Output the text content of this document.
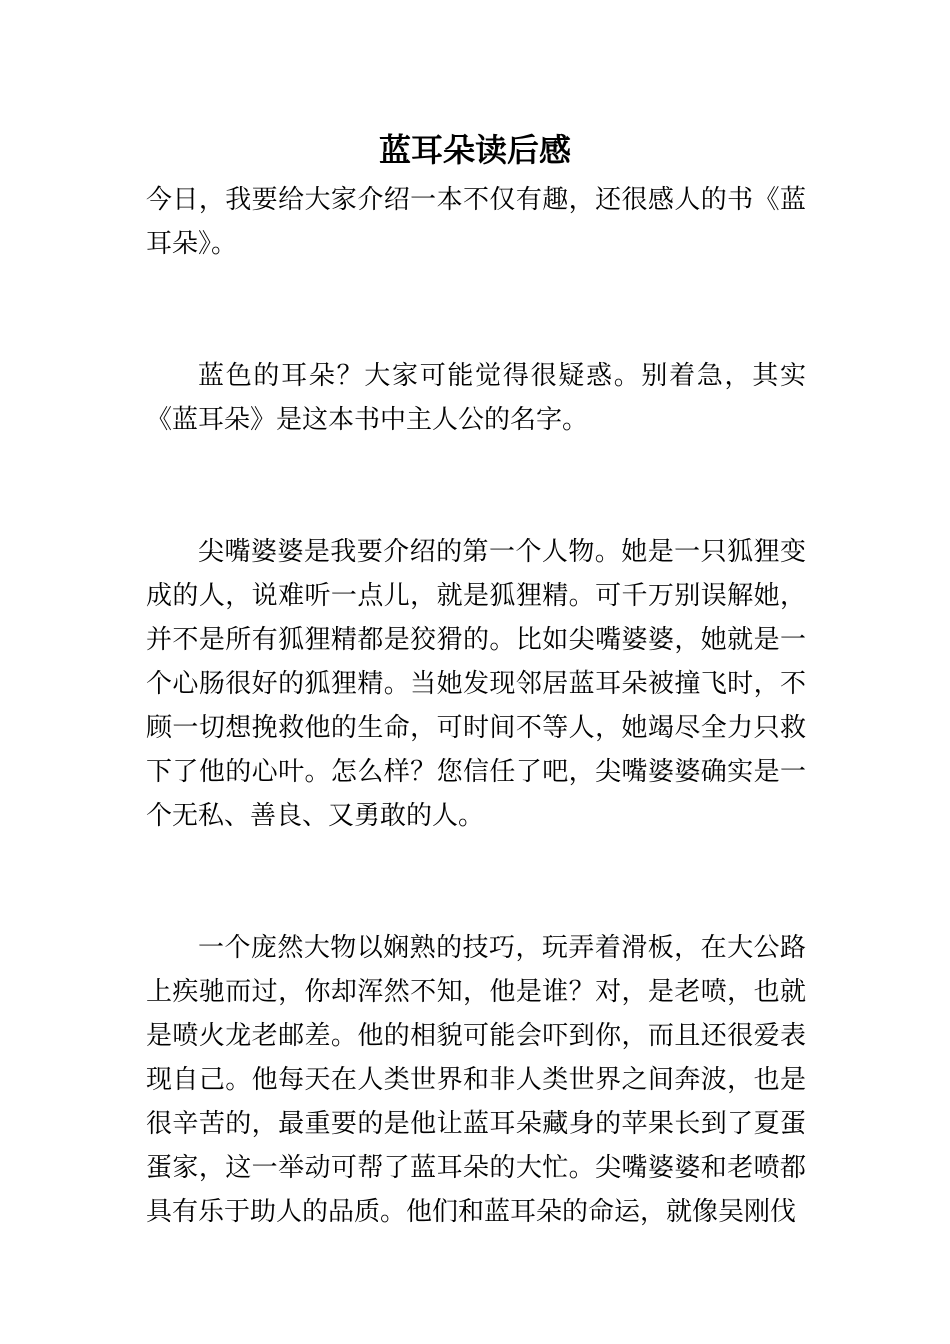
蓝耳朵读后感

今日，我要给大家介绍一本不仅有趣，还很感人的书《蓝耳朵》。

蓝色的耳朵？大家可能觉得很疑惑。别着急，其实《蓝耳朵》是这本书中主人公的名字。

尖嘴婆婆是我要介绍的第一个人物。她是一只狐狸变成的人，说难听一点儿，就是狐狸精。可千万别误解她，并不是所有狐狸精都是狡猾的。比如尖嘴婆婆，她就是一个心肠很好的狐狸精。当她发现邻居蓝耳朵被撞飞时，不顾一切想挽救他的生命，可时间不等人，她竭尽全力只救下了他的心叶。怎么样？您信任了吧，尖嘴婆婆确实是一个无私、善良、又勇敢的人。

一个庞然大物以娴熟的技巧，玩弄着滑板，在大公路上疾驰而过，你却浑然不知，他是谁？对，是老喷，也就是喷火龙老邮差。他的相貌可能会吓到你，而且还很爱表现自己。他每天在人类世界和非人类世界之间奔波，也是很辛苦的，最重要的是他让蓝耳朵藏身的苹果长到了夏蛋蛋家，这一举动可帮了蓝耳朵的大忙。尖嘴婆婆和老喷都具有乐于助人的品质。他们和蓝耳朵的命运，就像吴刚伐
